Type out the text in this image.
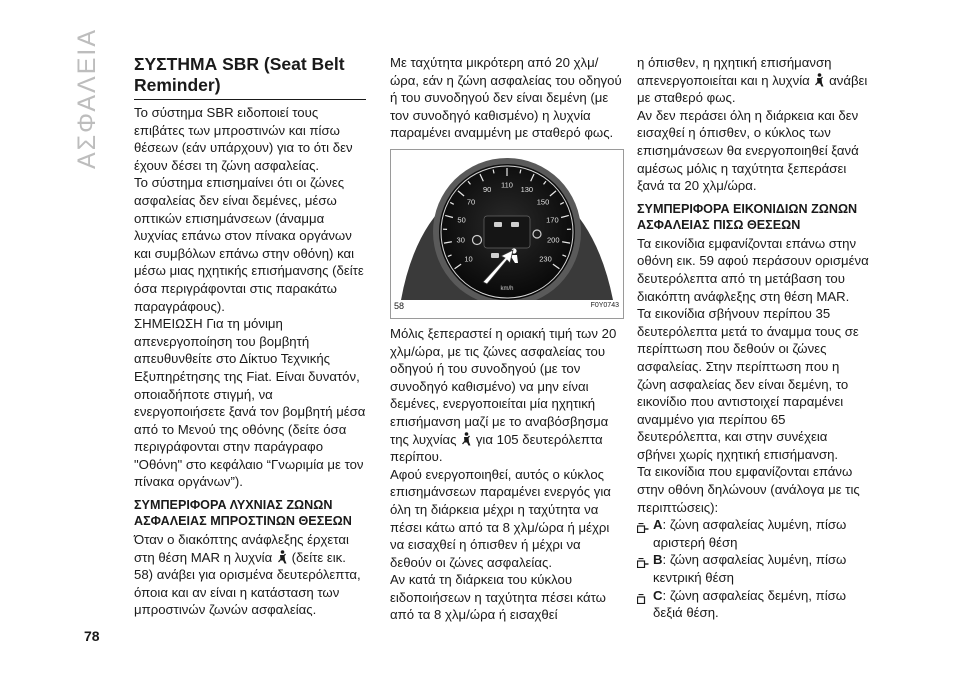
ΑΣΦΑΛΕΙΑ ΣΥΣΤΗΜΑ SBR (Seat Belt Reminder)

Το σύστημα SBR ειδοποιεί τους επιβάτες των μπροστινών και πίσω θέσεων (εάν υπάρχουν) για το ότι δεν έχουν δέσει τη ζώνη ασφαλείας.

Το σύστημα επισημαίνει ότι οι ζώνες ασφαλείας δεν είναι δεμένες, μέσω οπτικών επισημάνσεων (άναμμα λυχνίας επάνω στον πίνακα οργάνων και συμβόλων επάνω στην οθόνη) και μέσω μιας ηχητικής επισήμανσης (δείτε όσα περιγράφονται στις παρακάτω παραγράφους).

ΣΗΜΕΙΩΣΗ Για τη μόνιμη απενεργοποίηση του βομβητή απευθυνθείτε στο Δίκτυο Τεχνικής Εξυπηρέτησης της Fiat. Είναι δυνατόν, οποιαδήποτε στιγμή, να ενεργοποιήσετε ξανά τον βομβητή μέσα από το Μενού της οθόνης (δείτε όσα περιγράφονται στην παράγραφο "Οθόνη" στο κεφάλαιο “Γνωριμία με τον πίνακα οργάνων”).

ΣΥΜΠΕΡΙΦΟΡΑ ΛΥΧΝΙΑΣ ΖΩΝΩΝ ΑΣΦΑΛΕΙΑΣ ΜΠΡΟΣΤΙΝΩΝ ΘΕΣΕΩΝ

Όταν ο διακόπτης ανάφλεξης έρχεται στη θέση MAR η λυχνία (δείτε εικ. 58) ανάβει για ορισμένα δευτερόλεπτα, όποια και αν είναι η κατάσταση των μπροστινών ζωνών ασφαλείας.

Με ταχύτητα μικρότερη από 20 χλμ/ώρα, εάν η ζώνη ασφαλείας του οδηγού ή του συνοδηγού δεν είναι δεμένη (με τον συνοδηγό καθισμένο) η λυχνία παραμένει αναμμένη με σταθερό φως.

10
30
50
70
90 110 130
150
170
200
230
km/h
58	F0Y0743

Μόλις ξεπεραστεί η οριακή τιμή των 20 χλμ/ώρα, με τις ζώνες ασφαλείας του οδηγού ή του συνοδηγού (με τον συνοδηγό καθισμένο) να μην είναι δεμένες, ενεργοποιείται μία ηχητική επισήμανση μαζί με το αναβόσβησμα της λυχνίας για 105 δευτερόλεπτα περίπου.

Αφού ενεργοποιηθεί, αυτός ο κύκλος επισημάνσεων παραμένει ενεργός για όλη τη διάρκεια μέχρι η ταχύτητα να πέσει κάτω από τα 8 χλμ/ώρα ή μέχρι να εισαχθεί η όπισθεν ή μέχρι να δεθούν οι ζώνες ασφαλείας.

Αν κατά τη διάρκεια του κύκλου ειδοποιήσεων η ταχύτητα πέσει κάτω από τα 8 χλμ/ώρα ή εισαχθεί

η όπισθεν, η ηχητική επισήμανση απενεργοποιείται και η λυχνία ανάβει με σταθερό φως.

Αν δεν περάσει όλη η διάρκεια και δεν εισαχθεί η όπισθεν, ο κύκλος των επισημάνσεων θα ενεργοποιηθεί ξανά αμέσως μόλις η ταχύτητα ξεπεράσει ξανά τα 20 χλμ/ώρα.

ΣΥΜΠΕΡΙΦΟΡΑ ΕΙΚΟΝΙΔΙΩΝ ΖΩΝΩΝ ΑΣΦΑΛΕΙΑΣ ΠΙΣΩ ΘΕΣΕΩΝ

Τα εικονίδια εμφανίζονται επάνω στην οθόνη εικ. 59 αφού περάσουν ορισμένα δευτερόλεπτα από τη μετάβαση του διακόπτη ανάφλεξης στη θέση MAR.

Τα εικονίδια σβήνουν περίπου 35 δευτερόλεπτα μετά το άναμμα τους σε περίπτωση που δεθούν οι ζώνες ασφαλείας. Στην περίπτωση που η ζώνη ασφαλείας δεν είναι δεμένη, το εικονίδιο που αντιστοιχεί παραμένει αναμμένο για περίπου 65 δευτερόλεπτα, και στην συνέχεια σβήνει χωρίς ηχητική επισήμανση.

Τα εικονίδια που εμφανίζονται επάνω στην οθόνη δηλώνουν (ανάλογα με τις περιπτώσεις):

A: ζώνη ασφαλείας λυμένη, πίσω αριστερή θέση
B: ζώνη ασφαλείας λυμένη, πίσω κεντρική θέση
C: ζώνη ασφαλείας δεμένη, πίσω δεξιά θέση.
78
